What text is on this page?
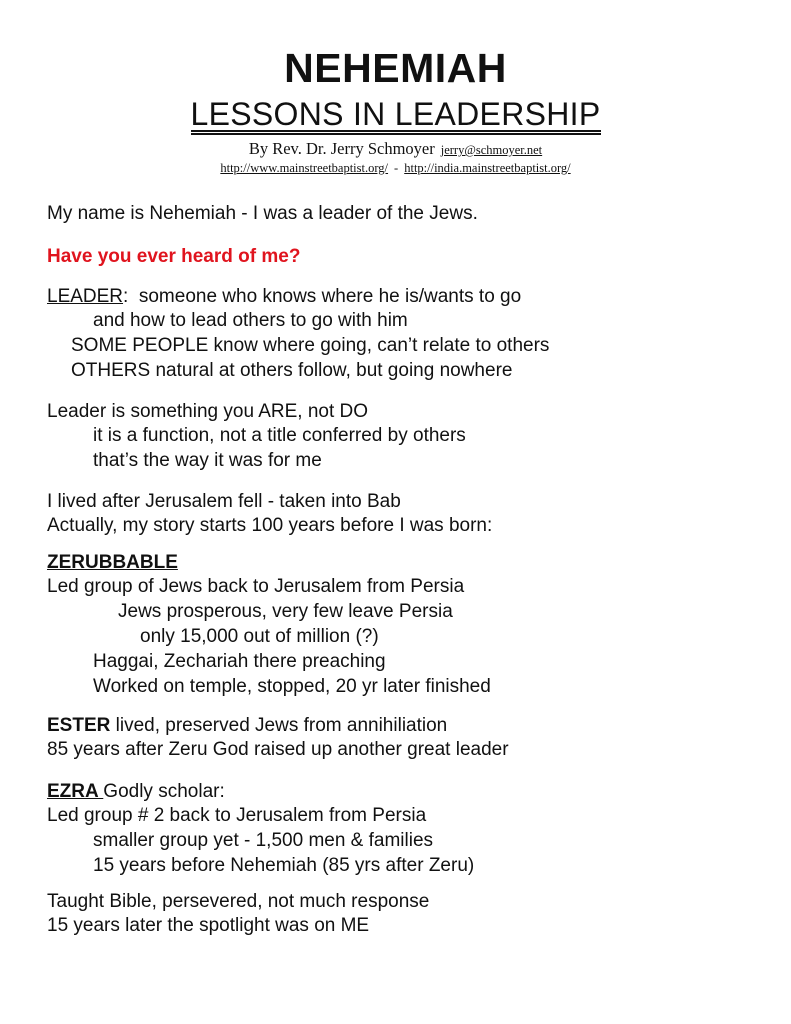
NEHEMIAH
LESSONS IN LEADERSHIP
By Rev. Dr. Jerry Schmoyer jerry@schmoyer.net
http://www.mainstreetbaptist.org/ - http://india.mainstreetbaptist.org/
My name is Nehemiah - I was a leader of the Jews.
Have you ever heard of me?
LEADER:  someone who knows where he is/wants to go
and how to lead others to go with him
SOME PEOPLE know where going, can’t relate to others
OTHERS natural at others follow, but going nowhere
Leader is something you ARE, not DO
it is a function, not a title conferred by others
that’s the way it was for me
I lived after Jerusalem fell - taken into Bab
Actually, my story starts 100 years before I was born:
ZERUBBABLE
Led group of Jews back to Jerusalem from Persia
Jews prosperous, very few leave Persia
only 15,000 out of million (?)
Haggai, Zechariah there preaching
Worked on temple, stopped, 20 yr later finished
ESTER lived, preserved Jews from annihiliation
85 years after Zeru God raised up another great leader
EZRA Godly scholar:
Led group # 2 back to Jerusalem from Persia
smaller group yet - 1,500 men & families
15 years before Nehemiah (85 yrs after Zeru)
Taught Bible, persevered, not much response
15 years later the spotlight was on ME
